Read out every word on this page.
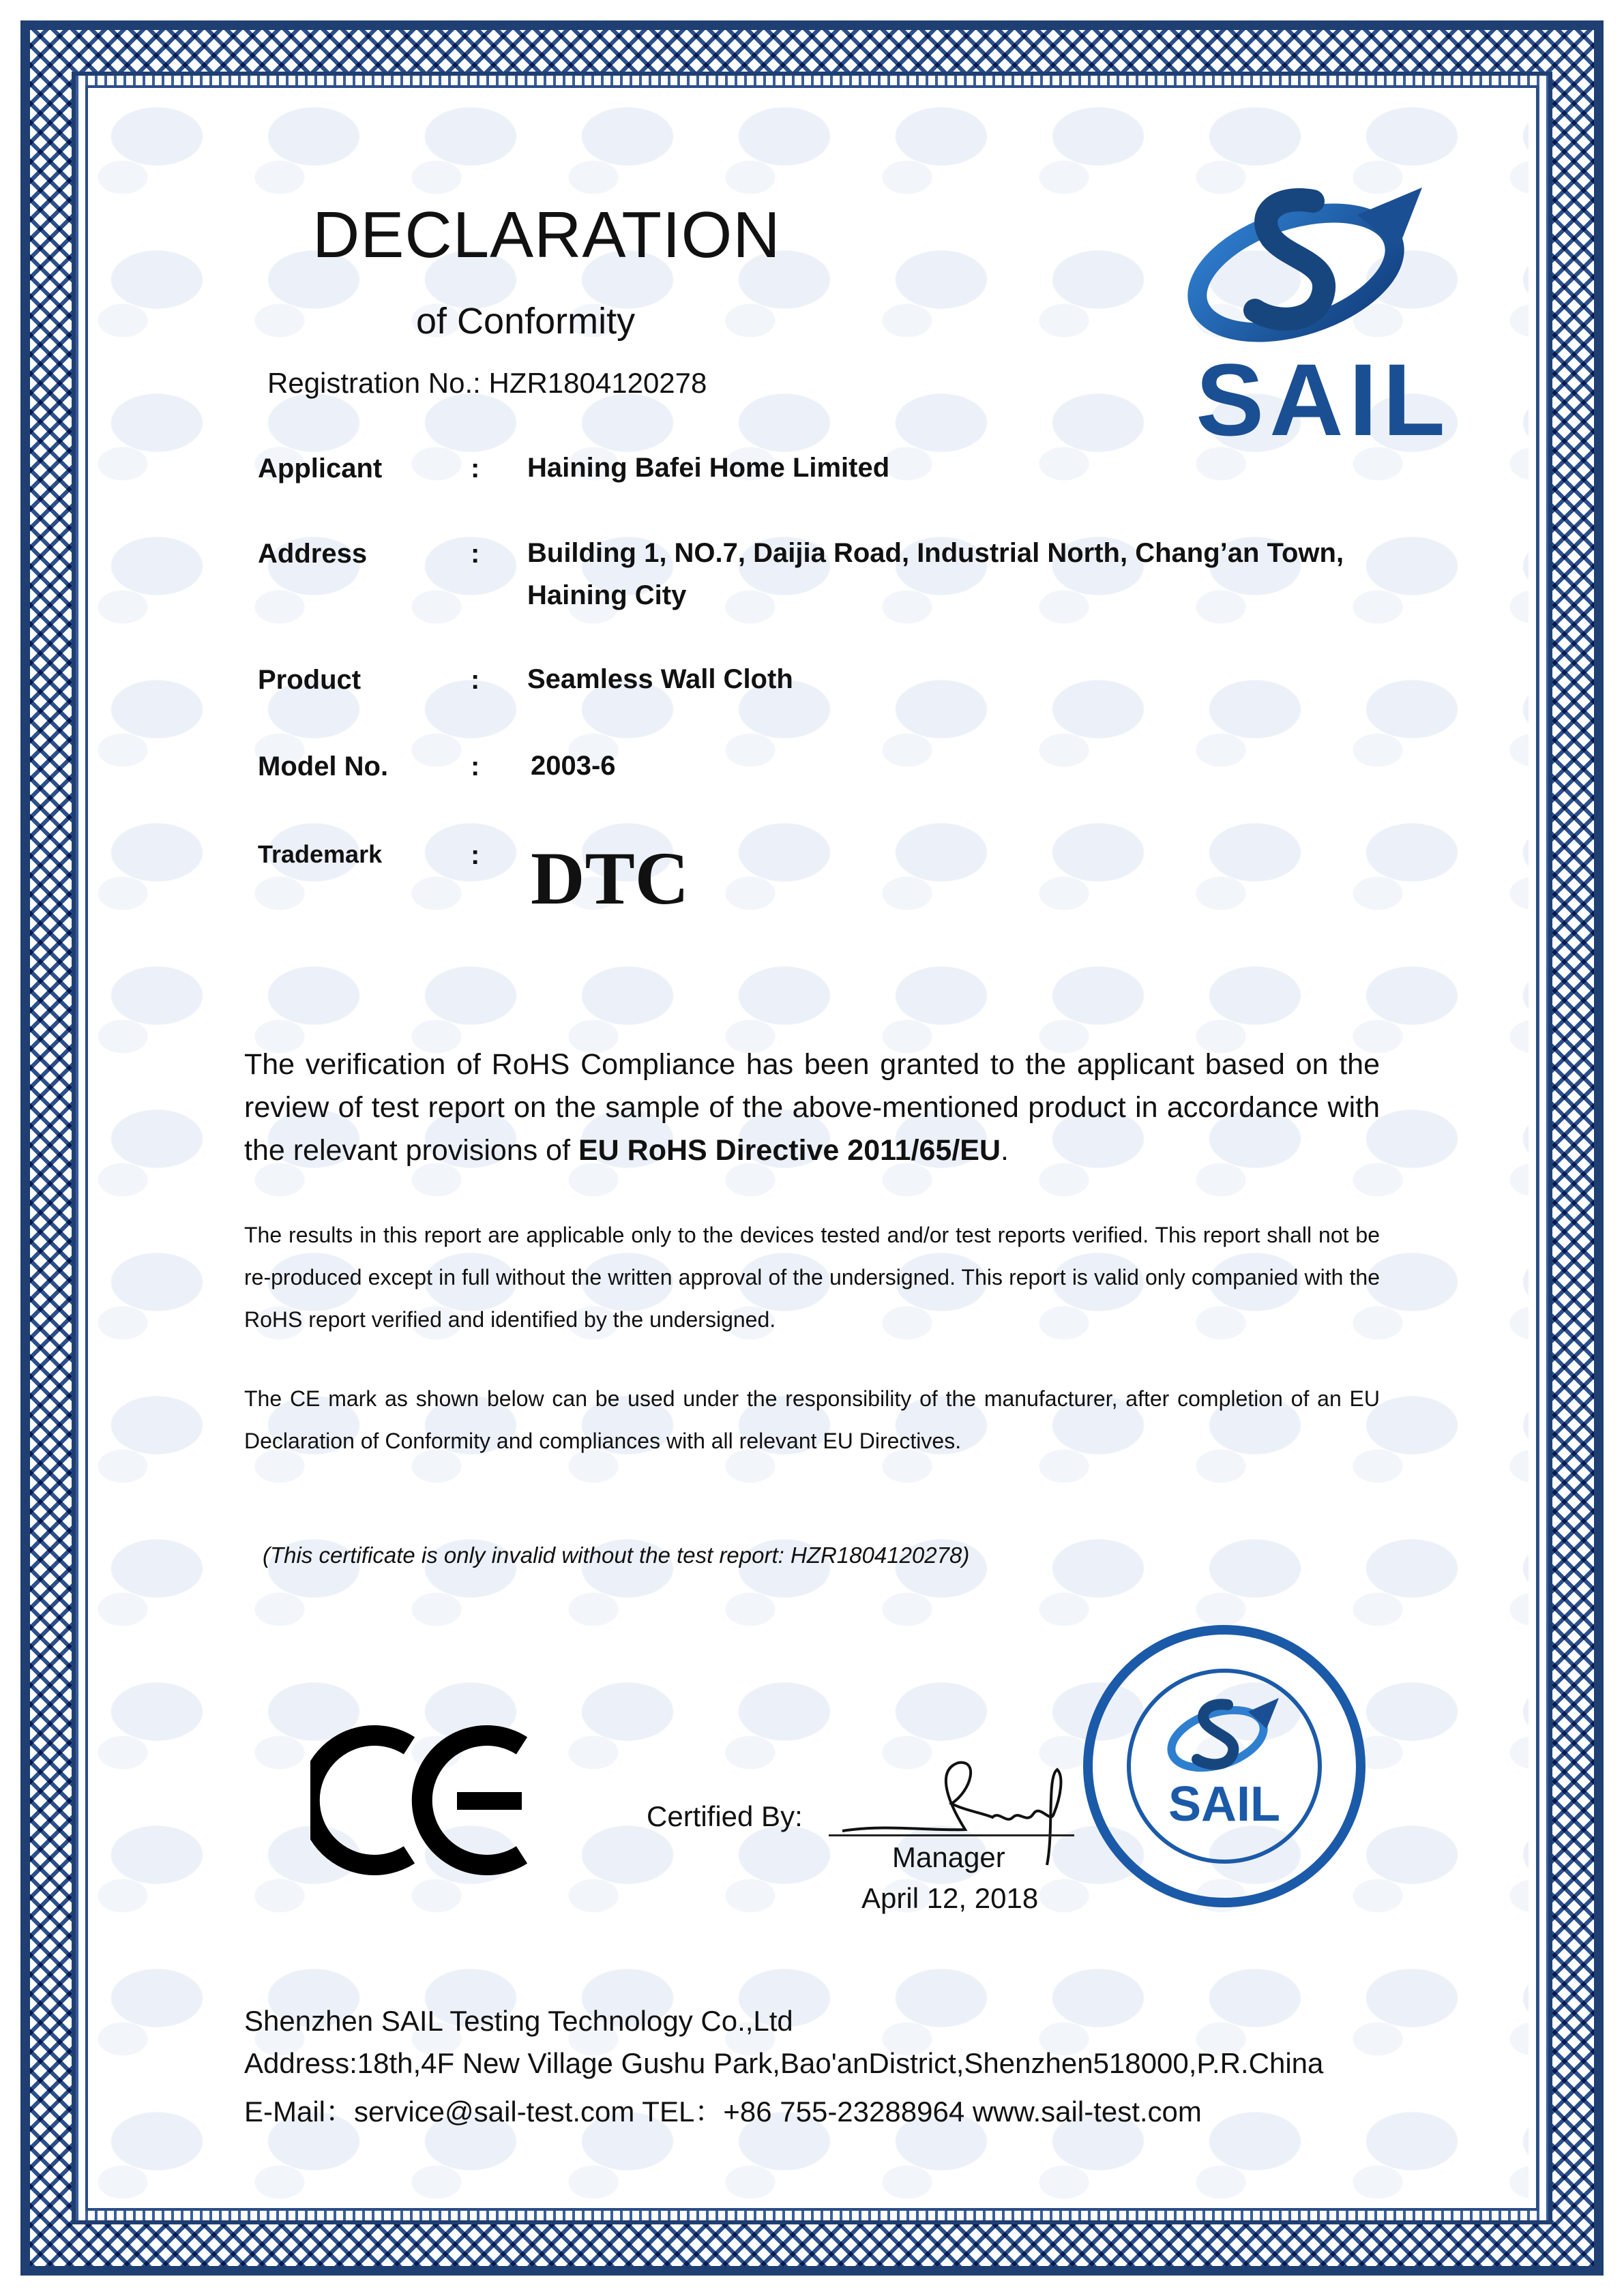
DECLARATION
of Conformity
Registration No.: HZR1804120278	SAIL
Applicant	: Haining Bafei Home Limited
Address	: Building 1, NO.7, Daijia Road, Industrial North, Chang’an Town,
Haining City
Product	: Seamless Wall Cloth
Model No.	: 2003-6
Trademark	: DTC
The verification of RoHS Compliance has been granted to the applicant based on the review of test report on the sample of the above-mentioned product in accordance with the relevant provisions of EU RoHS Directive 2011/65/EU.
The results in this report are applicable only to the devices tested and/or test reports verified. This report shall not be re-produced except in full without the written approval of the undersigned. This report is valid only companied with the RoHS report verified and identified by the undersigned.
The CE mark as shown below can be used under the responsibility of the manufacturer, after completion of an EU Declaration of Conformity and compliances with all relevant EU Directives.
(This certificate is only invalid without the test report: HZR1804120278)
Certified By:
Manager
April 12, 2018
SAIL
Shenzhen SAIL Testing Technology Co.,Ltd
Address:18th,4F New Village Gushu Park,Bao'anDistrict,Shenzhen518000,P.R.China
E-Mail：service@sail-test.com TEL：+86 755-23288964 www.sail-test.com
